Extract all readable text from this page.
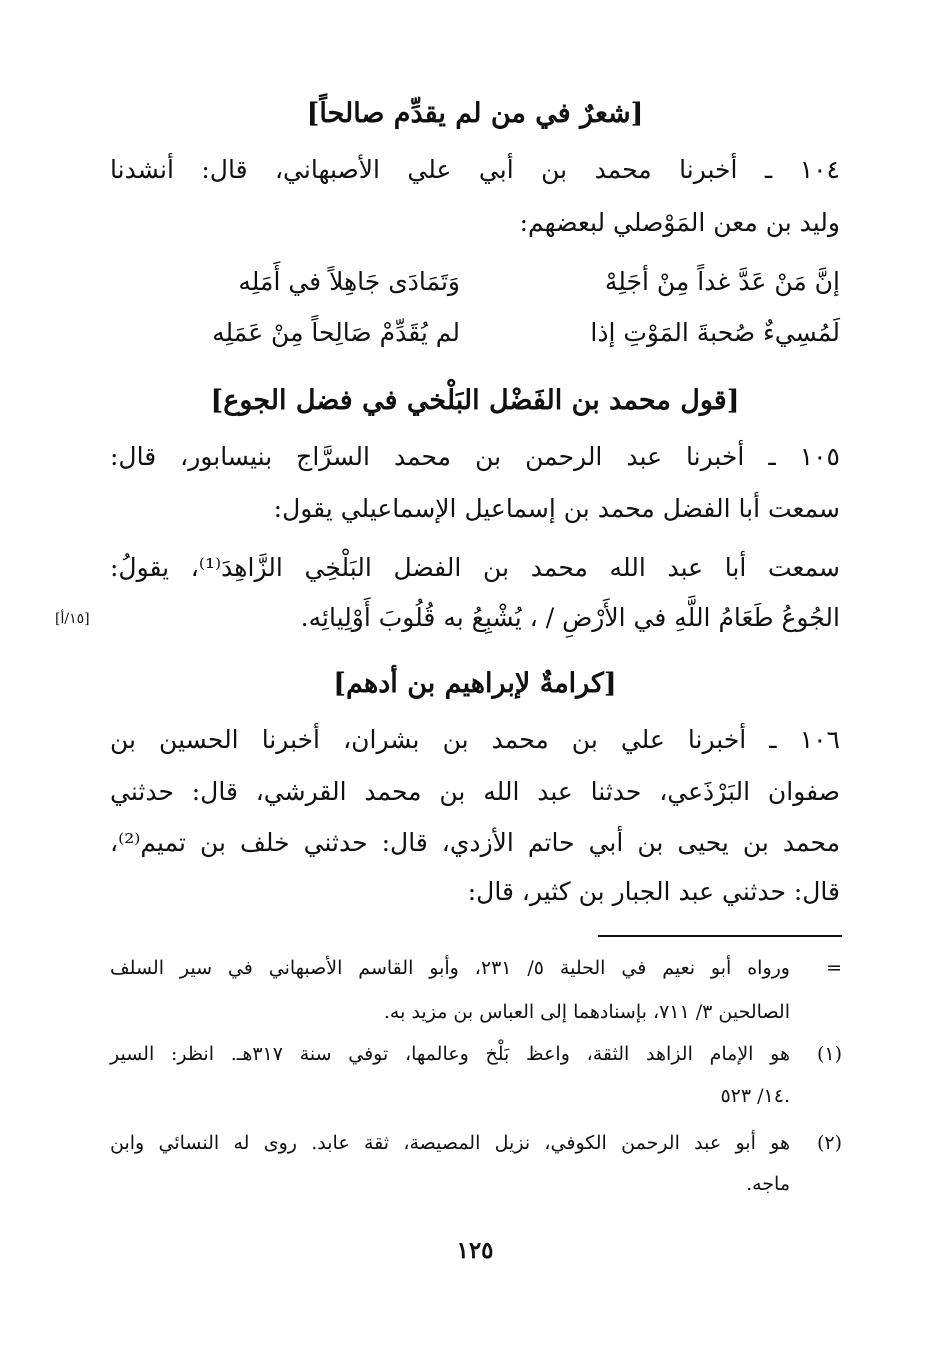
[شعرٌ في من لم يقدِّم صالحاً]
١٠٤ ـ أخبرنا محمد بن أبي علي الأصبهاني، قال: أنشدنا
وليد بن معن المَوْصلي لبعضهم:
إنَّ مَنْ عَدَّ غداً مِنْ أجَلِهْ
وَتَمَادَى جَاهِلاً في أَمَلِه
لَمُسِيءٌ صُحبةَ المَوْتِ إذا
لم يُقَدِّمْ صَالِحاً مِنْ عَمَلِه
[قول محمد بن الفَضْل البَلْخي في فضل الجوع]
١٠٥ ـ أخبرنا عبد الرحمن بن محمد السرَّاج بنيسابور، قال:
سمعت أبا الفضل محمد بن إسماعيل الإسماعيلي يقول:
سمعت أبا عبد الله محمد بن الفضل البَلْخِي الزَّاهِدَ⁽¹⁾، يقولُ:
الجُوعُ طَعَامُ اللَّهِ في الأَرْضِ / ، يُشْبِعُ به قُلُوبَ أَوْلِيائِه.
[١٥/أ]
[كرامةٌ لإبراهيم بن أدهم]
١٠٦ ـ أخبرنا علي بن محمد بن بشران، أخبرنا الحسين بن
صفوان البَرْذَعي، حدثنا عبد الله بن محمد القرشي، قال: حدثني
محمد بن يحيى بن أبي حاتم الأزدي، قال: حدثني خلف بن تميم⁽²⁾،
قال: حدثني عبد الجبار بن كثير، قال:
=
ورواه أبو نعيم في الحلية ٥/ ٢٣١، وأبو القاسم الأصبهاني في سير السلف
الصالحين ٣/ ٧١١، بإسنادهما إلى العباس بن مزيد به.
(١)
هو الإمام الزاهد الثقة، واعظ بَلْخ وعالمها، توفي سنة ٣١٧هـ. انظر: السير
١٤/ ٥٢٣.
(٢)
هو أبو عبد الرحمن الكوفي، نزيل المصيصة، ثقة عابد. روى له النسائي وابن
ماجه.
١٢٥
